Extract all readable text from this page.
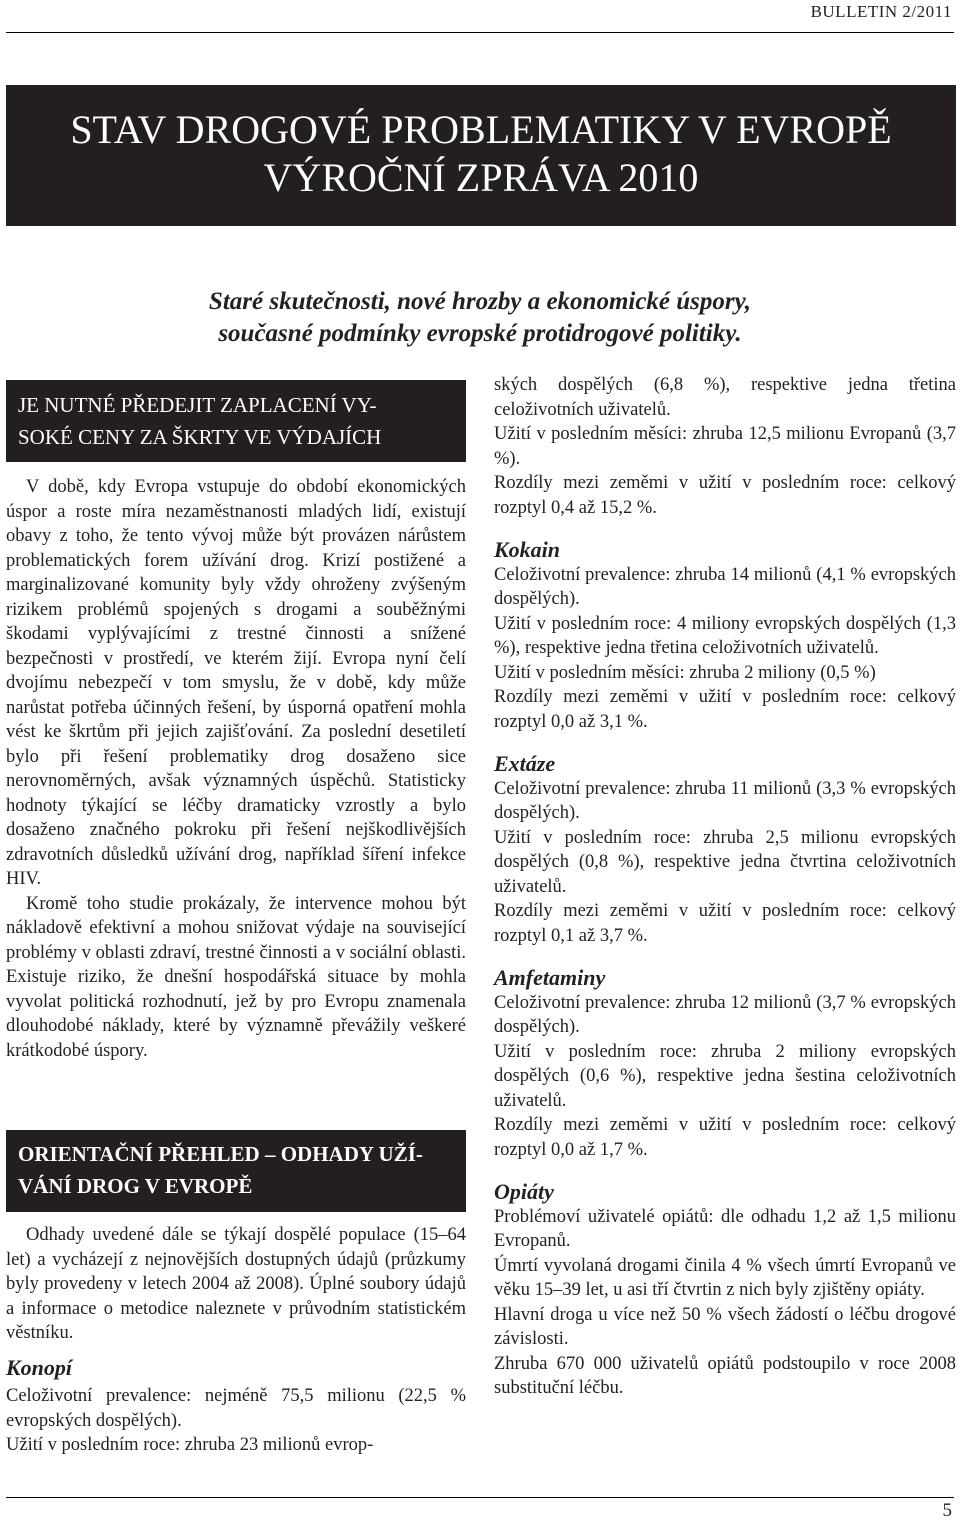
BULLETIN 2/2011
STAV DROGOVÉ PROBLEMATIKY V EVROPĚ
VÝROČNÍ ZPRÁVA 2010
Staré skutečnosti, nové hrozby a ekonomické úspory,
současné podmínky evropské protidrogové politiky.
JE NUTNÉ PŘEDEJIT ZAPLACENÍ VY-
SOKÉ CENY ZA ŠKRTY VE VÝDAJÍCH

V době, kdy Evropa vstupuje do období ekonomických úspor a roste míra nezaměstnanosti mladých lidí, existují obavy z toho, že tento vývoj může být provázen nárůstem problematických forem užívání drog. Krizí postižené a marginalizované komunity byly vždy ohroženy zvýšeným rizikem problémů spojených s drogami a souběžnými škodami vyplývajícími z trestné činnosti a snížené bezpečnosti v prostředí, ve kterém žijí. Evropa nyní čelí dvojímu nebezpečí v tom smyslu, že v době, kdy může narůstat potřeba účinných řešení, by úsporná opatření mohla vést ke škrtům při jejich zajišťování. Za poslední desetiletí bylo při řešení problematiky drog dosaženo sice nerovnoměrných, avšak významných úspěchů. Statisticky hodnoty týkající se léčby dramaticky vzrostly a bylo dosaženo značného pokroku při řešení nejškodlivějších zdravotních důsledků užívání drog, například šíření infekce HIV.

Kromě toho studie prokázaly, že intervence mohou být nákladově efektivní a mohou snižovat výdaje na související problémy v oblasti zdraví, trestné činnosti a v sociální oblasti. Existuje riziko, že dnešní hospodářská situace by mohla vyvolat politická rozhodnutí, jež by pro Evropu znamenala dlouhodobé náklady, které by významně převážily veškeré krátkodobé úspory.

ORIENTAČNÍ PŘEHLED – ODHADY UŽÍ-
VÁNÍ DROG V EVROPĚ

Odhady uvedené dále se týkají dospělé populace (15–64 let) a vycházejí z nejnovějších dostupných údajů (průzkumy byly provedeny v letech 2004 až 2008). Úplné soubory údajů a informace o metodice naleznete v průvodním statistickém věstníku.

Konopí

Celoživotní prevalence: nejméně 75,5 milionu (22,5 % evropských dospělých).

Užití v posledním roce: zhruba 23 milionů evrop-

ských dospělých (6,8 %), respektive jedna třetina celoživotních uživatelů.

Užití v posledním měsíci: zhruba 12,5 milionu Evropanů (3,7 %).

Rozdíly mezi zeměmi v užití v posledním roce: celkový rozptyl 0,4 až 15,2 %.

Kokain

Celoživotní prevalence: zhruba 14 milionů (4,1 % evropských dospělých).

Užití v posledním roce: 4 miliony evropských dospělých (1,3 %), respektive jedna třetina celoživotních uživatelů.

Užití v posledním měsíci: zhruba 2 miliony (0,5 %)

Rozdíly mezi zeměmi v užití v posledním roce: celkový rozptyl 0,0 až 3,1 %.

Extáze

Celoživotní prevalence: zhruba 11 milionů (3,3 % evropských dospělých).

Užití v posledním roce: zhruba 2,5 milionu evropských dospělých (0,8 %), respektive jedna čtvrtina celoživotních uživatelů.

Rozdíly mezi zeměmi v užití v posledním roce: celkový rozptyl 0,1 až 3,7 %.

Amfetaminy

Celoživotní prevalence: zhruba 12 milionů (3,7 % evropských dospělých).

Užití v posledním roce: zhruba 2 miliony evropských dospělých (0,6 %), respektive jedna šestina celoživotních uživatelů.

Rozdíly mezi zeměmi v užití v posledním roce: celkový rozptyl 0,0 až 1,7 %.

Opiáty

Problémoví uživatelé opiátů: dle odhadu 1,2 až 1,5 milionu Evropanů.

Úmrtí vyvolaná drogami činila 4 % všech úmrtí Evropanů ve věku 15–39 let, u asi tří čtvrtin z nich byly zjištěny opiáty.

Hlavní droga u více než 50 % všech žádostí o léčbu drogové závislosti.

Zhruba 670 000 uživatelů opiátů podstoupilo v roce 2008 substituční léčbu.

5
